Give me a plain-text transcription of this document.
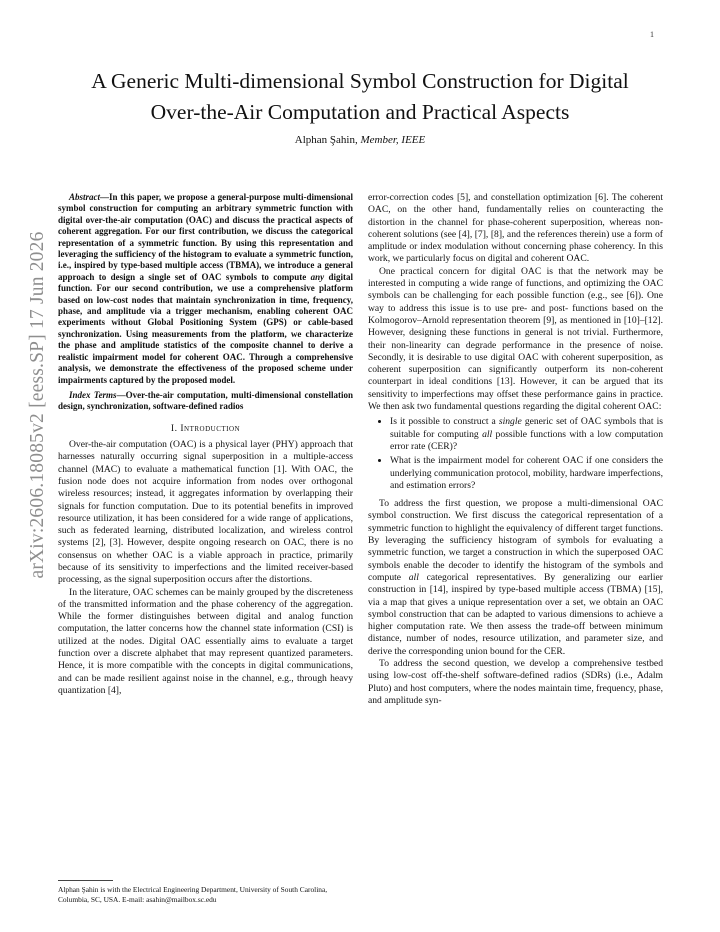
1
arXiv:2606.18085v2 [eess.SP] 17 Jun 2026
A Generic Multi-dimensional Symbol Construction for Digital
Over-the-Air Computation and Practical Aspects

Alphan Şahin, Member, IEEE

Abstract—In this paper, we propose a general-purpose multi-dimensional symbol construction for computing an arbitrary symmetric function with digital over-the-air computation (OAC) and discuss the practical aspects of coherent aggregation. For our first contribution, we discuss the categorical representation of a symmetric function. By using this representation and leveraging the sufficiency of the histogram to evaluate a symmetric function, i.e., inspired by type-based multiple access (TBMA), we introduce a general approach to design a single set of OAC symbols to compute any digital function. For our second contribution, we use a comprehensive platform based on low-cost nodes that maintain synchronization in time, frequency, phase, and amplitude via a trigger mechanism, enabling coherent OAC experiments without Global Positioning System (GPS) or cable-based synchronization. Using measurements from the platform, we characterize the phase and amplitude statistics of the composite channel to derive a realistic impairment model for coherent OAC. Through a comprehensive analysis, we demonstrate the effectiveness of the proposed scheme under impairments captured by the proposed model.

Index Terms—Over-the-air computation, multi-dimensional constellation design, synchronization, software-defined radios

I. Introduction

Over-the-air computation (OAC) is a physical layer (PHY) approach that harnesses naturally occurring signal superposition in a multiple-access channel (MAC) to evaluate a mathematical function [1]. With OAC, the fusion node does not acquire information from nodes over orthogonal wireless resources; instead, it aggregates information by overlapping their signals for function computation. Due to its potential benefits in improved resource utilization, it has been considered for a wide range of applications, such as federated learning, distributed localization, and wireless control systems [2], [3]. However, despite ongoing research on OAC, there is no consensus on whether OAC is a viable approach in practice, primarily because of its sensitivity to imperfections and the limited receiver-based processing, as the signal superposition occurs after the distortions.

In the literature, OAC schemes can be mainly grouped by the discreteness of the transmitted information and the phase coherency of the aggregation. While the former distinguishes between digital and analog function computation, the latter concerns how the channel state information (CSI) is utilized at the nodes. Digital OAC essentially aims to evaluate a target function over a discrete alphabet that may represent quantized parameters. Hence, it is more compatible with the concepts in digital communications, and can be made resilient against noise in the channel, e.g., through heavy quantization [4],

error-correction codes [5], and constellation optimization [6]. The coherent OAC, on the other hand, fundamentally relies on counteracting the distortion in the channel for phase-coherent superposition, whereas non-coherent solutions (see [4], [7], [8], and the references therein) use a form of amplitude or index modulation without concerning phase coherency. In this work, we particularly focus on digital and coherent OAC.

One practical concern for digital OAC is that the network may be interested in computing a wide range of functions, and optimizing the OAC symbols can be challenging for each possible function (e.g., see [6]). One way to address this issue is to use pre- and post- functions based on the Kolmogorov–Arnold representation theorem [9], as mentioned in [10]–[12]. However, designing these functions in general is not trivial. Furthermore, their non-linearity can degrade performance in the presence of noise. Secondly, it is desirable to use digital OAC with coherent superposition, as coherent superposition can significantly outperform its non-coherent counterpart in ideal conditions [13]. However, it can be argued that its sensitivity to imperfections may offset these performance gains in practice. We then ask two fundamental questions regarding the digital coherent OAC:

• Is it possible to construct a single generic set of OAC symbols that is suitable for computing all possible functions with a low computation error rate (CER)?
• What is the impairment model for coherent OAC if one considers the underlying communication protocol, mobility, hardware imperfections, and estimation errors?

To address the first question, we propose a multi-dimensional OAC symbol construction. We first discuss the categorical representation of a symmetric function to highlight the equivalency of different target functions. By leveraging the sufficiency histogram of symbols for evaluating a symmetric function, we target a construction in which the superposed OAC symbols enable the decoder to identify the histogram of the symbols and compute all categorical representatives. By generalizing our earlier construction in [14], inspired by type-based multiple access (TBMA) [15], via a map that gives a unique representation over a set, we obtain an OAC symbol construction that can be adapted to various dimensions to achieve a higher computation rate. We then assess the trade-off between minimum distance, number of nodes, resource utilization, and parameter size, and derive the corresponding union bound for the CER.

To address the second question, we develop a comprehensive testbed using low-cost off-the-shelf software-defined radios (SDRs) (i.e., Adalm Pluto) and host computers, where the nodes maintain time, frequency, phase, and amplitude syn-

Alphan Şahin is with the Electrical Engineering Department, University of South Carolina, Columbia, SC, USA. E-mail: asahin@mailbox.sc.edu
